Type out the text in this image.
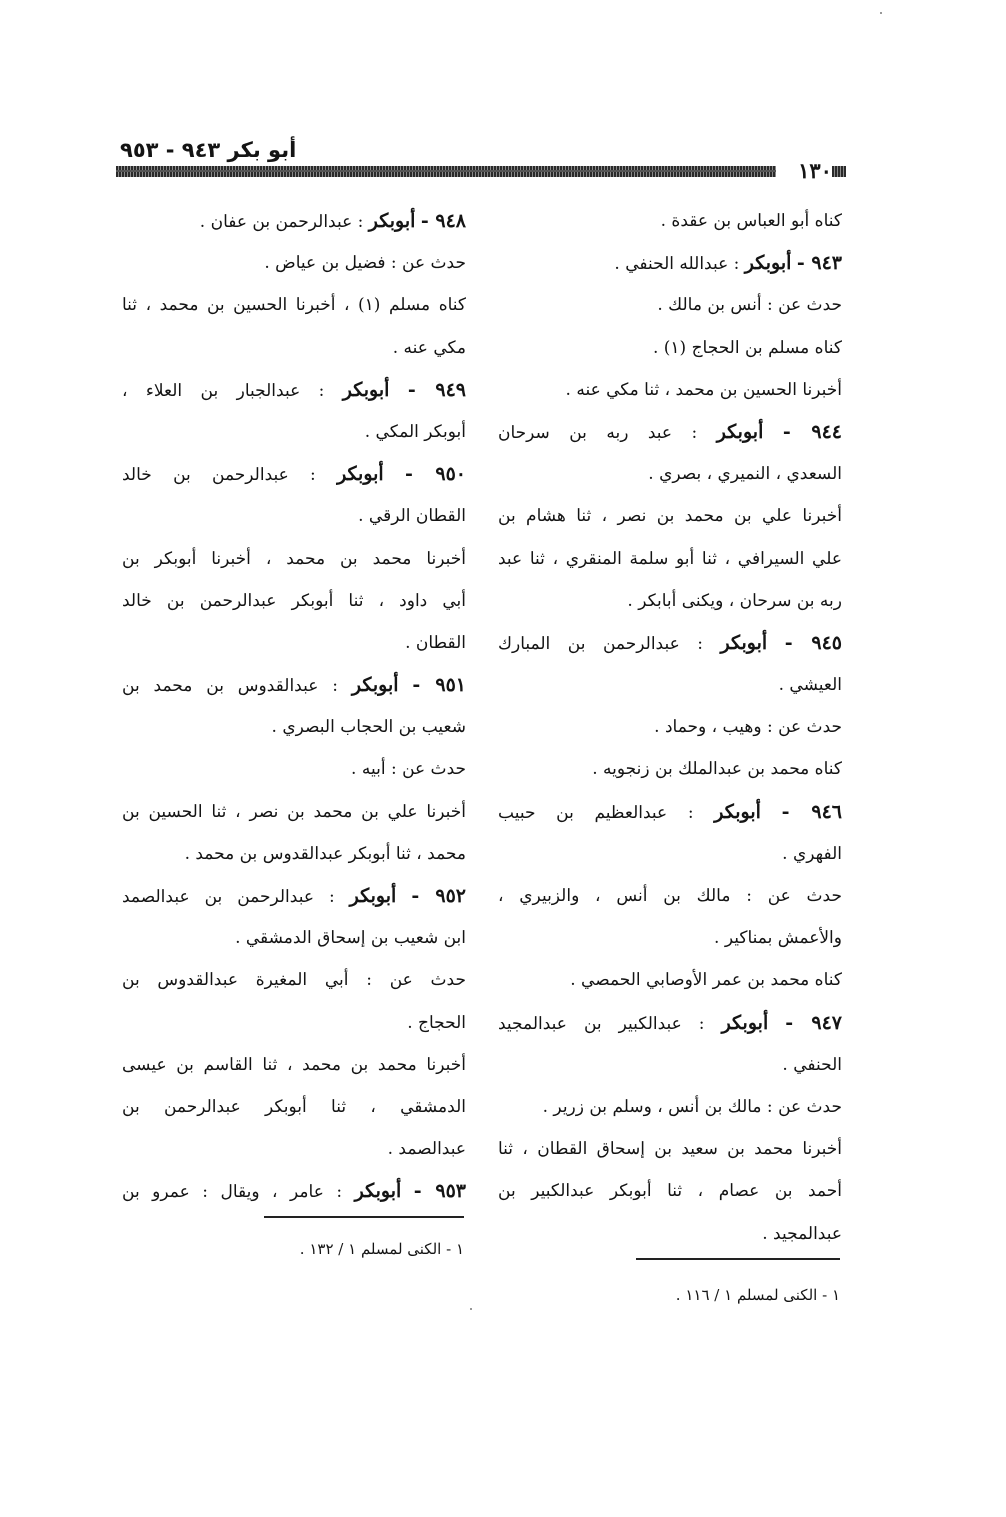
أبو بكر ٩٤٣ - ٩٥٣
١٣٠
كناه أبو العباس بن عقدة .
٩٤٣ - أبوبكر : عبدالله الحنفي .
حدث عن : أنس بن مالك .
كناه مسلم بن الحجاج (١) .
أخبرنا الحسين بن محمد ، ثنا مكي عنه .
٩٤٤ - أبوبكر : عبد ربه بن سرحان
السعدي ، النميري ، بصري .
أخبرنا علي بن محمد بن نصر ، ثنا هشام بن
علي السيرافي ، ثنا أبو سلمة المنقري ، ثنا عبد
ربه بن سرحان ، ويكنى أبابكر .
٩٤٥ - أبوبكر : عبدالرحمن بن المبارك
العيشي .
حدث عن : وهيب ، وحماد .
كناه محمد بن عبدالملك بن زنجويه .
٩٤٦ - أبوبكر : عبدالعظيم بن حبيب
الفهري .
حدث عن : مالك بن أنس ، والزبيري ،
والأعمش بمناكير .
كناه محمد بن عمر الأوصابي الحمصي .
٩٤٧ - أبوبكر : عبدالكبير بن عبدالمجيد
الحنفي .
حدث عن : مالك بن أنس ، وسلم بن زرير .
أخبرنا محمد بن سعيد بن إسحاق القطان ، ثنا
أحمد بن عصام ، ثنا أبوبكر عبدالكبير بن
عبدالمجيد .
٩٤٨ - أبوبكر : عبدالرحمن بن عفان .
حدث عن : فضيل بن عياض .
كناه مسلم (١) ، أخبرنا الحسين بن محمد ، ثنا
مكي عنه .
٩٤٩ - أبوبكر : عبدالجبار بن العلاء ،
أبوبكر المكي .
٩٥٠ - أبوبكر : عبدالرحمن بن خالد
القطان الرقي .
أخبرنا محمد بن محمد ، أخبرنا أبوبكر بن
أبي داود ، ثنا أبوبكر عبدالرحمن بن خالد
القطان .
٩٥١ - أبوبكر : عبدالقدوس بن محمد بن
شعيب بن الحجاب البصري .
حدث عن : أبيه .
أخبرنا علي بن محمد بن نصر ، ثنا الحسين بن
محمد ، ثنا أبوبكر عبدالقدوس بن محمد .
٩٥٢ - أبوبكر : عبدالرحمن بن عبدالصمد
ابن شعيب بن إسحاق الدمشقي .
حدث عن : أبي المغيرة عبدالقدوس بن
الحجاج .
أخبرنا محمد بن محمد ، ثنا القاسم بن عيسى
الدمشقي ، ثنا أبوبكر عبدالرحمن بن
عبدالصمد .
٩٥٣ - أبوبكر : عامر ، ويقال : عمرو بن
١ - الكنى لمسلم ١ / ١٣٢ .
١ - الكنى لمسلم ١ / ١١٦ .
